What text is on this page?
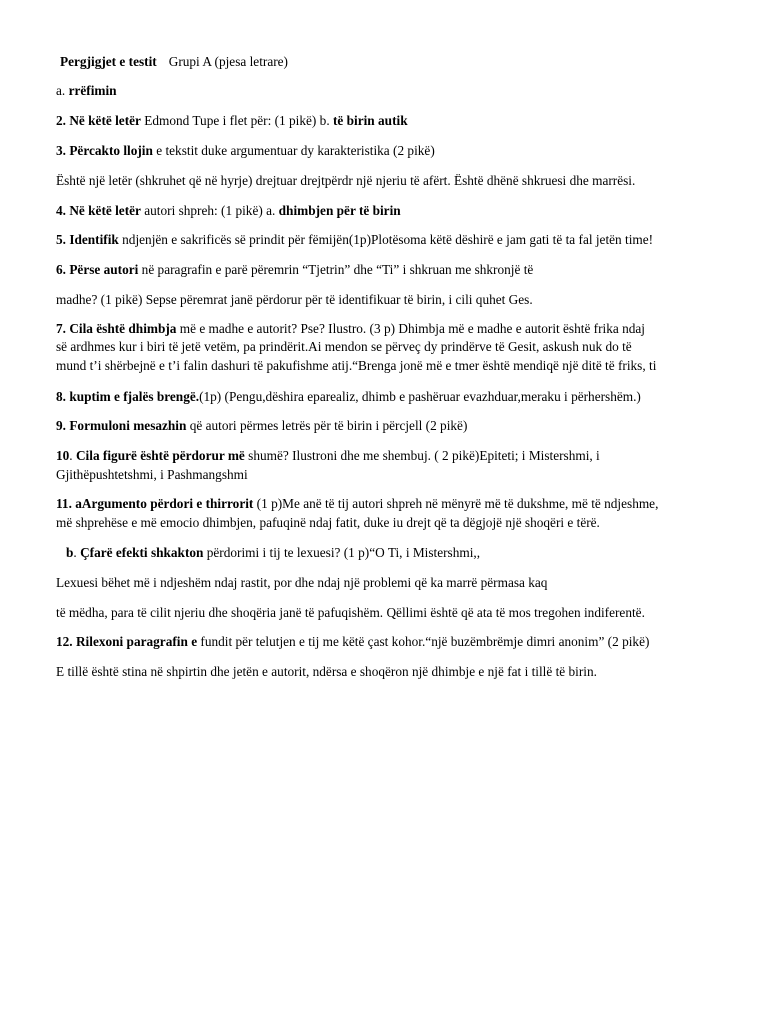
Pergjigjet e testit Grupi A (pjesa letrare)

a. rrëfimin

2. Në këtë letër Edmond Tupe i flet për: (1 pikë) b. të birin autik

3. Përcakto llojin e tekstit duke argumentuar dy karakteristika (2 pikë)

Është një letër (shkruhet që në hyrje) drejtuar drejtpërdr një njeriu të afërt. Është dhënë shkruesi dhe marrësi.

4. Në këtë letër autori shpreh: (1 pikë) a. dhimbjen për të birin

5. Identifik ndjenjën e sakrificës së prindit për fëmijën(1p)Plotësoma këtë dëshirë e jam gati të ta fal jetën time!

6. Përse autori në paragrafin e parë përemrin “Tjetrin” dhe “Ti” i shkruan me shkronjë të

madhe? (1 pikë) Sepse përemrat janë përdorur për të identifikuar të birin, i cili quhet Ges.

7. Cila është dhimbja më e madhe e autorit? Pse? Ilustro. (3 p) Dhimbja më e madhe e autorit është frika ndaj

së ardhmes kur i biri të jetë vetëm, pa prindërit.Ai mendon se përveç dy prindërve të Gesit, askush nuk do të

mund t’i shërbejnë e t’i falin dashuri të pakufishme atij.“Brenga jonë më e tmer është mendiqë një ditë të friks, ti

8. kuptim e fjalës brengë.(1p) (Pengu,dëshira eparealiz, dhimb e pashëruar evazhduar,meraku i përhershëm.)

9. Formuloni mesazhin që autori përmes letrës për të birin i përcjell (2 pikë)

10. Cila figurë është përdorur më shumë? Ilustroni dhe me shembuj. ( 2 pikë)Epiteti; i Mistershmi, i

Gjithëpushtetshmi, i Pashmangshmi

11. aArgumento përdori e thirrorit (1 p)Me anë të tij autori shpreh në mënyrë më të dukshme, më të ndjeshme,

më shprehëse e më emocio dhimbjen, pafuqinë ndaj fatit, duke iu drejt që ta dëgjojë një shoqëri e tërë.

b. Çfarë efekti shkakton përdorimi i tij te lexuesi? (1 p)“O Ti, i Mistershmi,,

Lexuesi bëhet më i ndjeshëm ndaj rastit, por dhe ndaj një problemi që ka marrë përmasa kaq

të mëdha, para të cilit njeriu dhe shoqëria janë të pafuqishëm. Qëllimi është që ata të mos tregohen indiferentë.

12. Rilexoni paragrafin e fundit për telutjen e tij me këtë çast kohor.“një buzëmbrëmje dimri anonim” (2 pikë)

E tillë është stina në shpirtin dhe jetën e autorit, ndërsa e shoqëron një dhimbje e një fat i tillë të birin.
